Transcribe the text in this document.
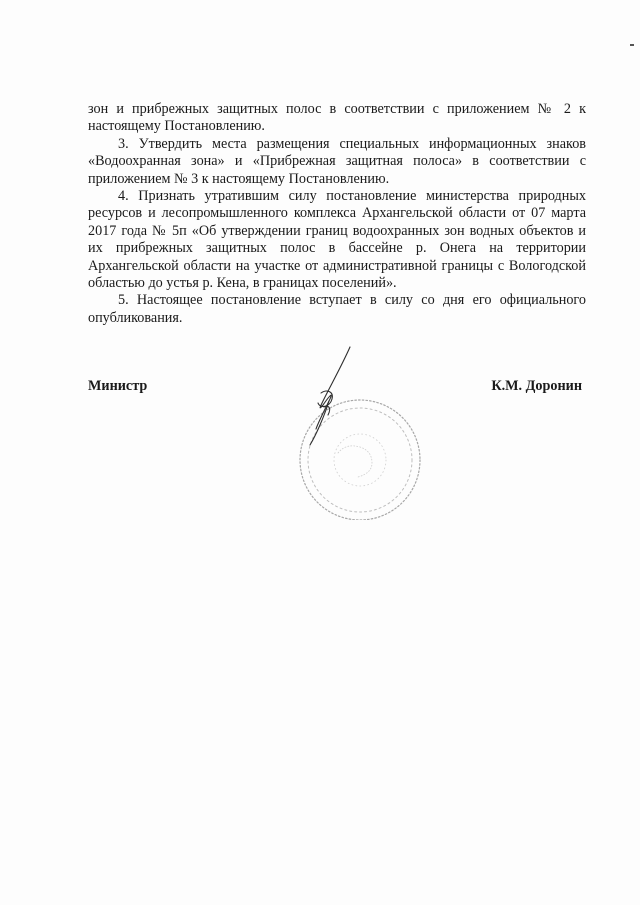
зон и прибрежных защитных полос в соответствии с приложением № 2 к настоящему Постановлению.

3. Утвердить места размещения специальных информационных знаков «Водоохранная зона» и «Прибрежная защитная полоса» в соответствии с приложением № 3 к настоящему Постановлению.

4. Признать утратившим силу постановление министерства природных ресурсов и лесопромышленного комплекса Архангельской области от 07 марта 2017 года № 5п «Об утверждении границ водоохранных зон водных объектов и их прибрежных защитных полос в бассейне р. Онега на территории Архангельской области на участке от административной границы с Вологодской областью до устья р. Кена, в границах поселений».

5. Настоящее постановление вступает в силу со дня его официального опубликования.

Министр	К.М. Доронин
